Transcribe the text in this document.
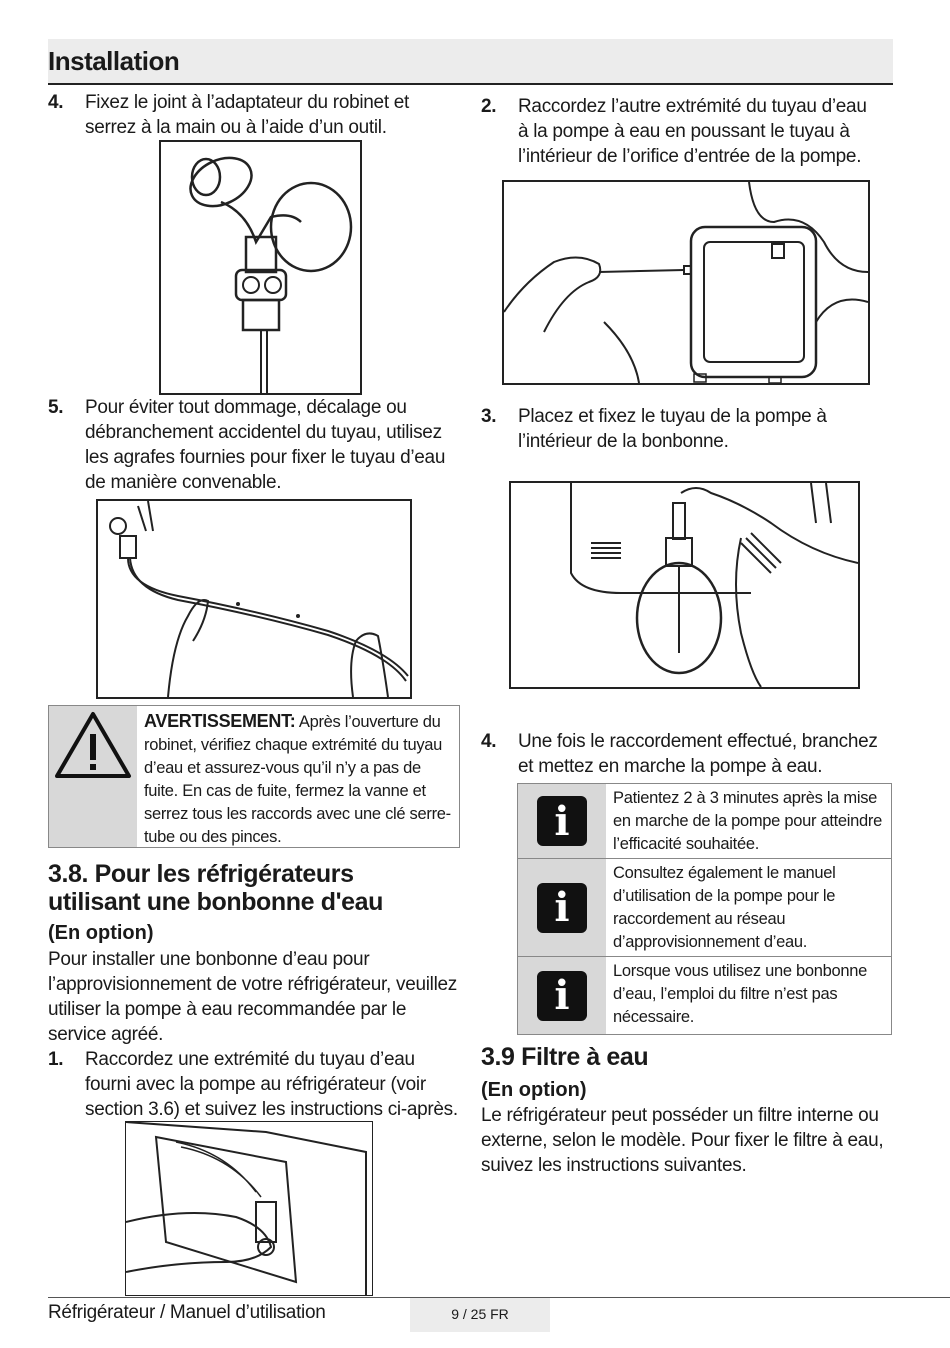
Installation
4. Fixez le joint à l’adaptateur du robinet et serrez à la main ou à l’aide d’un outil.
5. Pour éviter tout dommage, décalage ou débranchement accidentel du tuyau, utilisez les agrafes fournies pour fixer le tuyau d’eau de manière convenable.
AVERTISSEMENT: Après l’ouverture du robinet, vérifiez chaque extrémité du tuyau d’eau et assurez-vous qu’il n’y a pas de fuite. En cas de fuite, fermez la vanne et serrez tous les raccords avec une clé serre-tube ou des pinces.
3.8. Pour les réfrigérateurs utilisant une bonbonne d'eau
(En option)
Pour installer une bonbonne d’eau pour l’approvisionnement de votre réfrigérateur, veuillez utiliser la pompe à eau recommandée par le service agréé.
1. Raccordez une extrémité du tuyau d’eau fourni avec la pompe au réfrigérateur (voir section 3.6) et suivez les instructions ci-après.
2. Raccordez l’autre extrémité du tuyau d’eau à la pompe à eau en poussant le tuyau à l’intérieur de l’orifice d’entrée de la pompe.
3. Placez et fixez le tuyau de la pompe à l’intérieur de la bonbonne.
4. Une fois le raccordement effectué, branchez et mettez en marche la pompe à eau.
i	Patientez 2 à 3 minutes après la mise en marche de la pompe pour atteindre l’efficacité souhaitée.
i
Consultez également le manuel d’utilisation de la pompe pour le raccordement au réseau d’approvisionnement d’eau.
i
Lorsque vous utilisez une bonbonne d’eau, l’emploi du filtre n’est pas nécessaire.
3.9 Filtre à eau
(En option)
Le réfrigérateur peut posséder un filtre interne ou externe, selon le modèle. Pour fixer le filtre à eau, suivez les instructions suivantes.
Réfrigérateur / Manuel d’utilisation	9 / 25 FR
